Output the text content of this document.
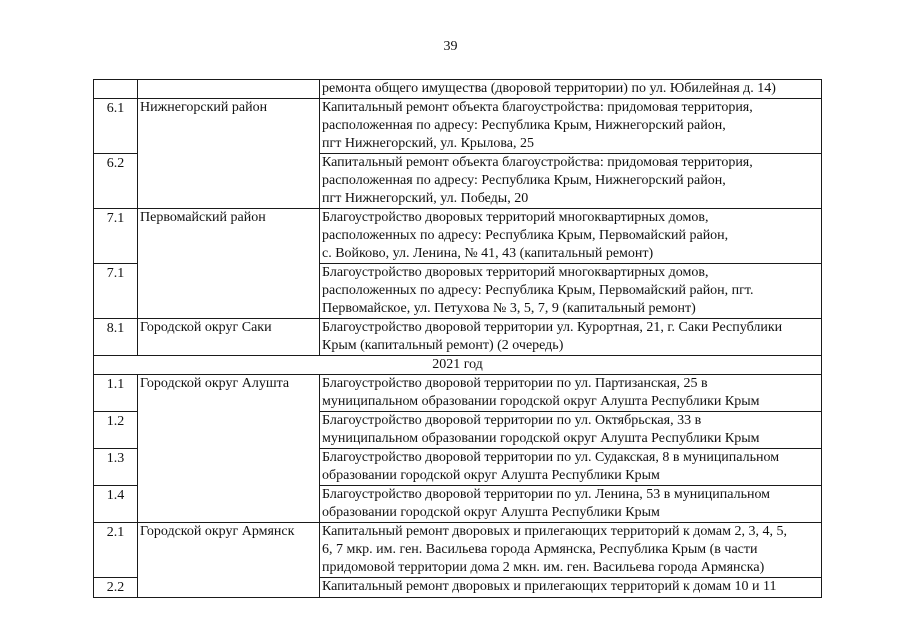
39

		ремонта общего имущества (дворовой территории) по ул. Юбилейная д. 14)

6.1	Нижнегорский район	Капитальный ремонт объекта благоустройства: придомовая территория,
расположенная по адресу: Республика Крым, Нижнегорский район,
пгт Нижнегорский, ул. Крылова, 25

6.2		Капитальный ремонт объекта благоустройства: придомовая территория,
расположенная по адресу: Республика Крым, Нижнегорский район,
пгт Нижнегорский, ул. Победы, 20

7.1	Первомайский район	Благоустройство дворовых территорий многоквартирных домов,
расположенных по адресу: Республика Крым, Первомайский район,
с. Войково, ул. Ленина, № 41, 43 (капитальный ремонт)

7.1		Благоустройство дворовых территорий многоквартирных домов,
расположенных по адресу: Республика Крым, Первомайский район, пгт.
Первомайское, ул. Петухова № 3, 5, 7, 9 (капитальный ремонт)

8.1	Городской округ Саки	Благоустройство дворовой территории ул. Курортная, 21, г. Саки Республики
Крым (капитальный ремонт) (2 очередь)

2021 год		
1.1	Городской округ Алушта	Благоустройство дворовой территории по ул. Партизанская, 25 в
муниципальном образовании городской округ Алушта Республики Крым

1.2		Благоустройство дворовой территории по ул. Октябрьская, 33 в
муниципальном образовании городской округ Алушта Республики Крым

1.3		Благоустройство дворовой территории по ул. Судакская, 8 в муниципальном
образовании городской округ Алушта Республики Крым

1.4		Благоустройство дворовой территории по ул. Ленина, 53 в муниципальном
образовании городской округ Алушта Республики Крым

2.1	Городской округ Армянск	Капитальный ремонт дворовых и прилегающих территорий к домам 2, 3, 4, 5,
6, 7 мкр. им. ген. Васильева города Армянска, Республика Крым (в части
придомовой территории дома 2 мкн. им. ген. Васильева города Армянска)

2.2		Капитальный ремонт дворовых и прилегающих территорий к домам 10 и 11
